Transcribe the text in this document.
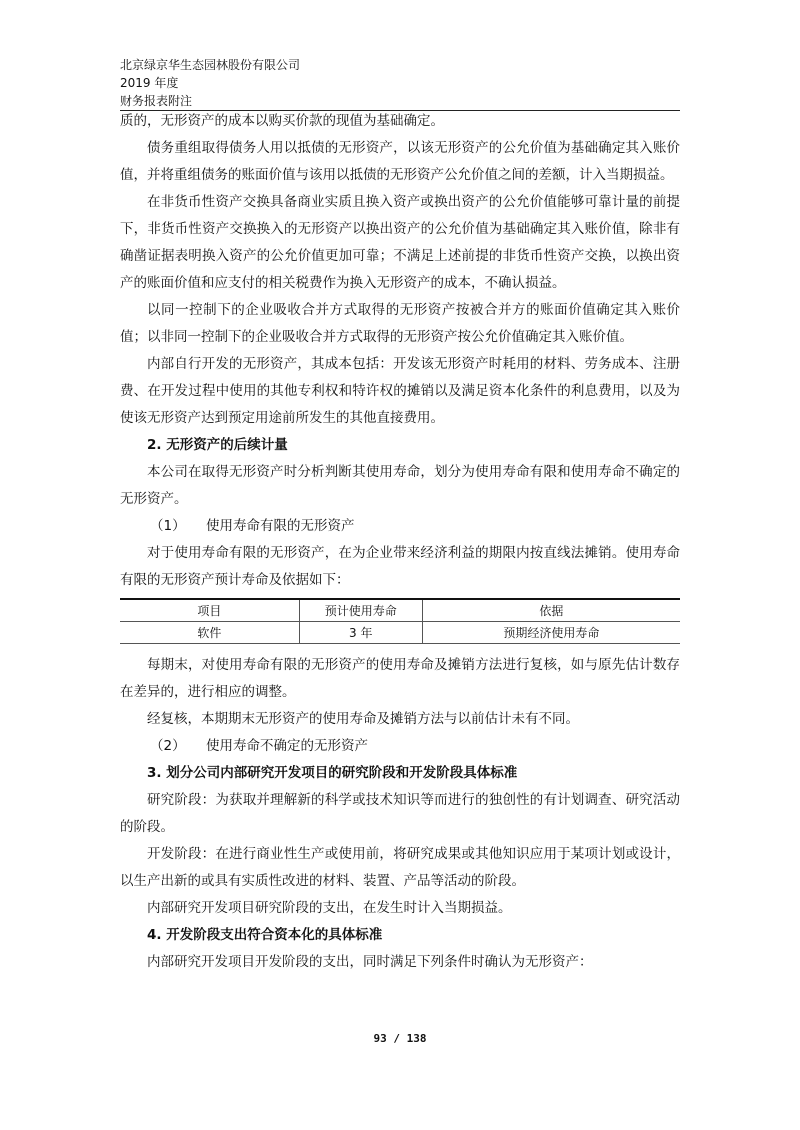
北京绿京华生态园林股份有限公司
2019 年度
财务报表附注

质的，无形资产的成本以购买价款的现值为基础确定。

债务重组取得债务人用以抵债的无形资产，以该无形资产的公允价值为基础确定其入账价值，并将重组债务的账面价值与该用以抵债的无形资产公允价值之间的差额，计入当期损益。

在非货币性资产交换具备商业实质且换入资产或换出资产的公允价值能够可靠计量的前提下，非货币性资产交换换入的无形资产以换出资产的公允价值为基础确定其入账价值，除非有确凿证据表明换入资产的公允价值更加可靠；不满足上述前提的非货币性资产交换，以换出资产的账面价值和应支付的相关税费作为换入无形资产的成本，不确认损益。

以同一控制下的企业吸收合并方式取得的无形资产按被合并方的账面价值确定其入账价值；以非同一控制下的企业吸收合并方式取得的无形资产按公允价值确定其入账价值。

内部自行开发的无形资产，其成本包括：开发该无形资产时耗用的材料、劳务成本、注册费、在开发过程中使用的其他专利权和特许权的摊销以及满足资本化条件的利息费用，以及为使该无形资产达到预定用途前所发生的其他直接费用。

2. 无形资产的后续计量

本公司在取得无形资产时分析判断其使用寿命，划分为使用寿命有限和使用寿命不确定的无形资产。

（1） 使用寿命有限的无形资产

对于使用寿命有限的无形资产，在为企业带来经济利益的期限内按直线法摊销。使用寿命有限的无形资产预计寿命及依据如下：

项目	预计使用寿命	依据
软件	3 年	预期经济使用寿命

每期末，对使用寿命有限的无形资产的使用寿命及摊销方法进行复核，如与原先估计数存在差异的，进行相应的调整。

经复核，本期期末无形资产的使用寿命及摊销方法与以前估计未有不同。

（2） 使用寿命不确定的无形资产

3. 划分公司内部研究开发项目的研究阶段和开发阶段具体标准

研究阶段：为获取并理解新的科学或技术知识等而进行的独创性的有计划调查、研究活动的阶段。

开发阶段：在进行商业性生产或使用前，将研究成果或其他知识应用于某项计划或设计，以生产出新的或具有实质性改进的材料、装置、产品等活动的阶段。

内部研究开发项目研究阶段的支出，在发生时计入当期损益。

4. 开发阶段支出符合资本化的具体标准

内部研究开发项目开发阶段的支出，同时满足下列条件时确认为无形资产：

93 / 138
